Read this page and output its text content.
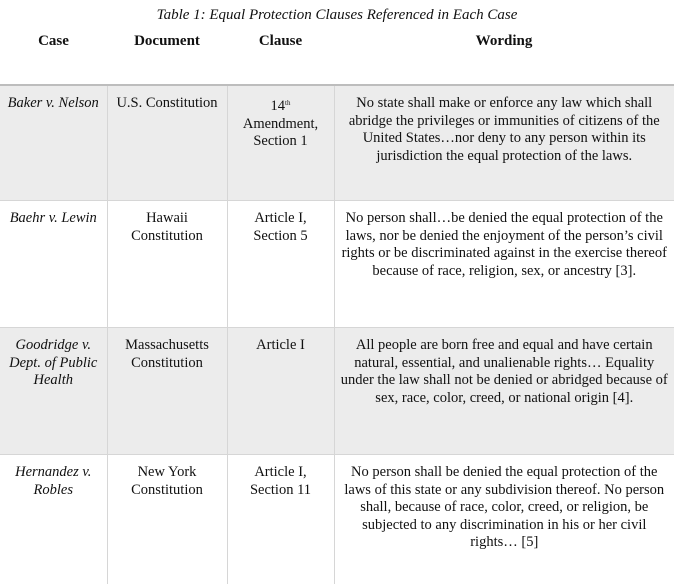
Table 1: Equal Protection Clauses Referenced in Each Case
Case	Document	Clause	Wording
Baker v. Nelson	U.S. Constitution	14th Amendment, Section 1	No state shall make or enforce any law which shall abridge the privileges or immunities of citizens of the United States…nor deny to any person within its jurisdiction the equal protection of the laws.
Baehr v. Lewin	Hawaii Constitution	Article I, Section 5	No person shall…be denied the equal protection of the laws, nor be denied the enjoyment of the person’s civil rights or be discriminated against in the exercise thereof because of race, religion, sex, or ancestry [3].
Goodridge v. Dept. of Public Health	Massachusetts Constitution	Article I	All people are born free and equal and have certain natural, essential, and unalienable rights… Equality under the law shall not be denied or abridged because of sex, race, color, creed, or national origin [4].
Hernandez v. Robles	New York Constitution	Article I, Section 11	No person shall be denied the equal protection of the laws of this state or any subdivision thereof. No person shall, because of race, color, creed, or religion, be subjected to any discrimination in his or her civil rights… [5]
